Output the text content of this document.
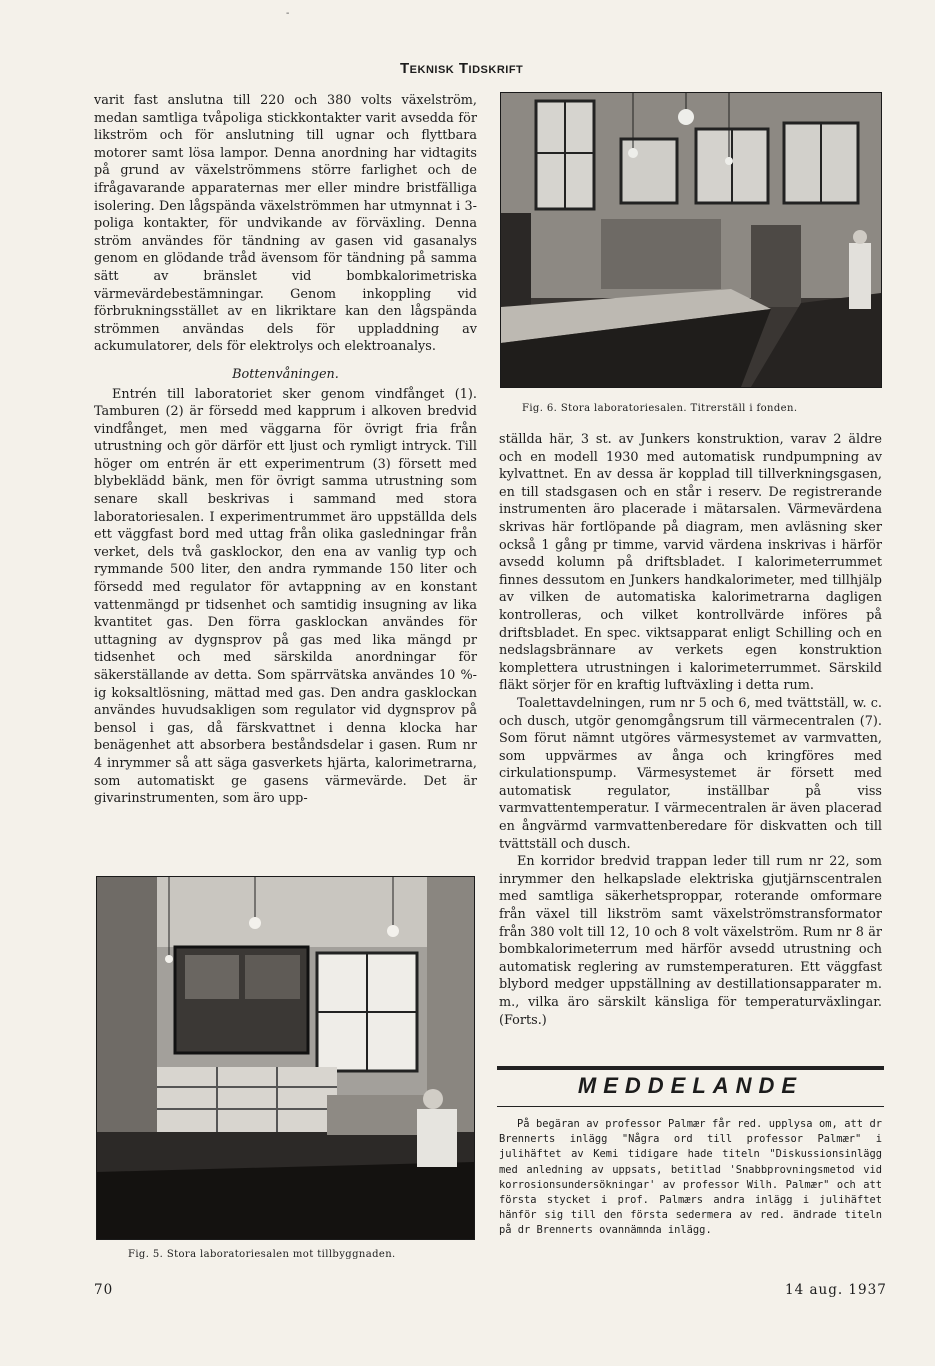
-
Teknisk Tidskrift

varit fast anslutna till 220 och 380 volts växelström, medan samtliga tvåpoliga stickkontakter varit avsedda för likström och för anslutning till ugnar och flyttbara motorer samt lösa lampor. Denna anordning har vidtagits på grund av växelströmmens större farlighet och de ifrågavarande apparaternas mer eller mindre bristfälliga isolering. Den lågspända växelströmmen har utmynnat i 3-poliga kontakter, för undvikande av förväxling. Denna ström användes för tändning av gasen vid gasanalys genom en glödande tråd ävensom för tändning på samma sätt av bränslet vid bombkalorimetriska värmevärdebestämningar. Genom inkoppling vid förbrukningsstället av en likriktare kan den lågspända strömmen användas dels för uppladdning av ackumulatorer, dels för elektrolys och elektroanalys.

Bottenvåningen.

Entrén till laboratoriet sker genom vindfånget (1). Tamburen (2) är försedd med kapprum i alkoven bredvid vindfånget, men med väggarna för övrigt fria från utrustning och gör därför ett ljust och rymligt intryck. Till höger om entrén är ett experimentrum (3) försett med blybeklädd bänk, men för övrigt samma utrustning som senare skall beskrivas i sammand med stora laboratoriesalen. I experimentrummet äro uppställda dels ett väggfast bord med uttag från olika gasledningar från verket, dels två gasklockor, den ena av vanlig typ och rymmande 500 liter, den andra rymmande 150 liter och försedd med regulator för avtappning av en konstant vattenmängd pr tidsenhet och samtidig insugning av lika kvantitet gas. Den förra gasklockan användes för uttagning av dygnsprov på gas med lika mängd pr tidsenhet och med särskilda anordningar för säkerställande av detta. Som spärrvätska användes 10 %-ig koksaltlösning, mättad med gas. Den andra gasklockan användes huvudsakligen som regulator vid dygnsprov på bensol i gas, då färskvattnet i denna klocka har benägenhet att absorbera beståndsdelar i gasen. Rum nr 4 inrymmer så att säga gasverkets hjärta, kalorimetrarna, som automatiskt ge gasens värmevärde. Det är givarinstrumenten, som äro upp-

Fig. 6. Stora laboratoriesalen. Titrerställ i fonden.

ställda här, 3 st. av Junkers konstruktion, varav 2 äldre och en modell 1930 med automatisk rundpumpning av kylvattnet. En av dessa är kopplad till tillverkningsgasen, en till stadsgasen och en står i reserv. De registrerande instrumenten äro placerade i mätarsalen. Värmevärdena skrivas här fortlöpande på diagram, men avläsning sker också 1 gång pr timme, varvid värdena inskrivas i härför avsedd kolumn på driftsbladet. I kalorimeterrummet finnes dessutom en Junkers handkalorimeter, med tillhjälp av vilken de automatiska kalorimetrarna dagligen kontrolleras, och vilket kontrollvärde införes på driftsbladet. En spec. viktsapparat enligt Schilling och en nedslagsbrännare av verkets egen konstruktion komplettera utrustningen i kalorimeterrummet. Särskild fläkt sörjer för en kraftig luftväxling i detta rum.

Toalettavdelningen, rum nr 5 och 6, med tvättställ, w. c. och dusch, utgör genomgångsrum till värmecentralen (7). Som förut nämnt utgöres värmesystemet av varmvatten, som uppvärmes av ånga och kringföres med cirkulationspump. Värmesystemet är försett med automatisk regulator, inställbar på viss varmvattentemperatur. I värmecentralen är även placerad en ångvärmd varmvattenberedare för diskvatten och till tvättställ och dusch.

En korridor bredvid trappan leder till rum nr 22, som inrymmer den helkapslade elektriska gjutjärnscentralen med samtliga säkerhetsproppar, roterande omformare från växel till likström samt växelströmstransformator från 380 volt till 12, 10 och 8 volt växelström. Rum nr 8 är bombkalorimeterrum med härför avsedd utrustning och automatisk reglering av rumstemperaturen. Ett väggfast blybord medger uppställning av destillationsapparater m. m., vilka äro särskilt känsliga för temperaturväxlingar. (Forts.)

Fig. 5. Stora laboratoriesalen mot tillbyggnaden.
MEDDELANDE
På begäran av professor Palmær får red. upplysa om, att dr Brennerts inlägg "Några ord till professor Palmær" i julihäftet av Kemi tidigare hade titeln "Diskussionsinlägg med anledning av uppsats, betitlad 'Snabbprovningsmetod vid korrosionsundersökningar' av professor Wilh. Palmær" och att första stycket i prof. Palmærs andra inlägg i julihäftet hänför sig till den första sedermera av red. ändrade titeln på dr Brennerts ovannämnda inlägg.
70	14 aug. 1937
